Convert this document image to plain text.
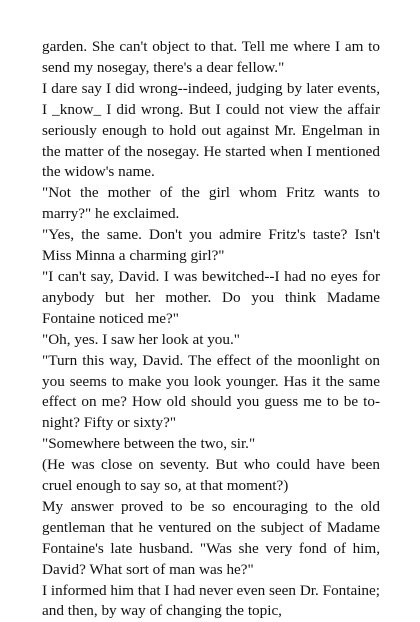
garden. She can't object to that. Tell me where I am to send my nosegay, there's a dear fellow."

I dare say I did wrong--indeed, judging by later events, I _know_ I did wrong. But I could not view the affair seriously enough to hold out against Mr. Engelman in the matter of the nosegay. He started when I mentioned the widow's name.

"Not the mother of the girl whom Fritz wants to marry?" he exclaimed.

"Yes, the same. Don't you admire Fritz's taste? Isn't Miss Minna a charming girl?"

"I can't say, David. I was bewitched--I had no eyes for anybody but her mother. Do you think Madame Fontaine noticed me?"

"Oh, yes. I saw her look at you."

"Turn this way, David. The effect of the moonlight on you seems to make you look younger. Has it the same effect on me? How old should you guess me to be to-night? Fifty or sixty?"

"Somewhere between the two, sir."

(He was close on seventy. But who could have been cruel enough to say so, at that moment?)

My answer proved to be so encouraging to the old gentleman that he ventured on the subject of Madame Fontaine's late husband. "Was she very fond of him, David? What sort of man was he?"

I informed him that I had never even seen Dr. Fontaine; and then, by way of changing the topic,
